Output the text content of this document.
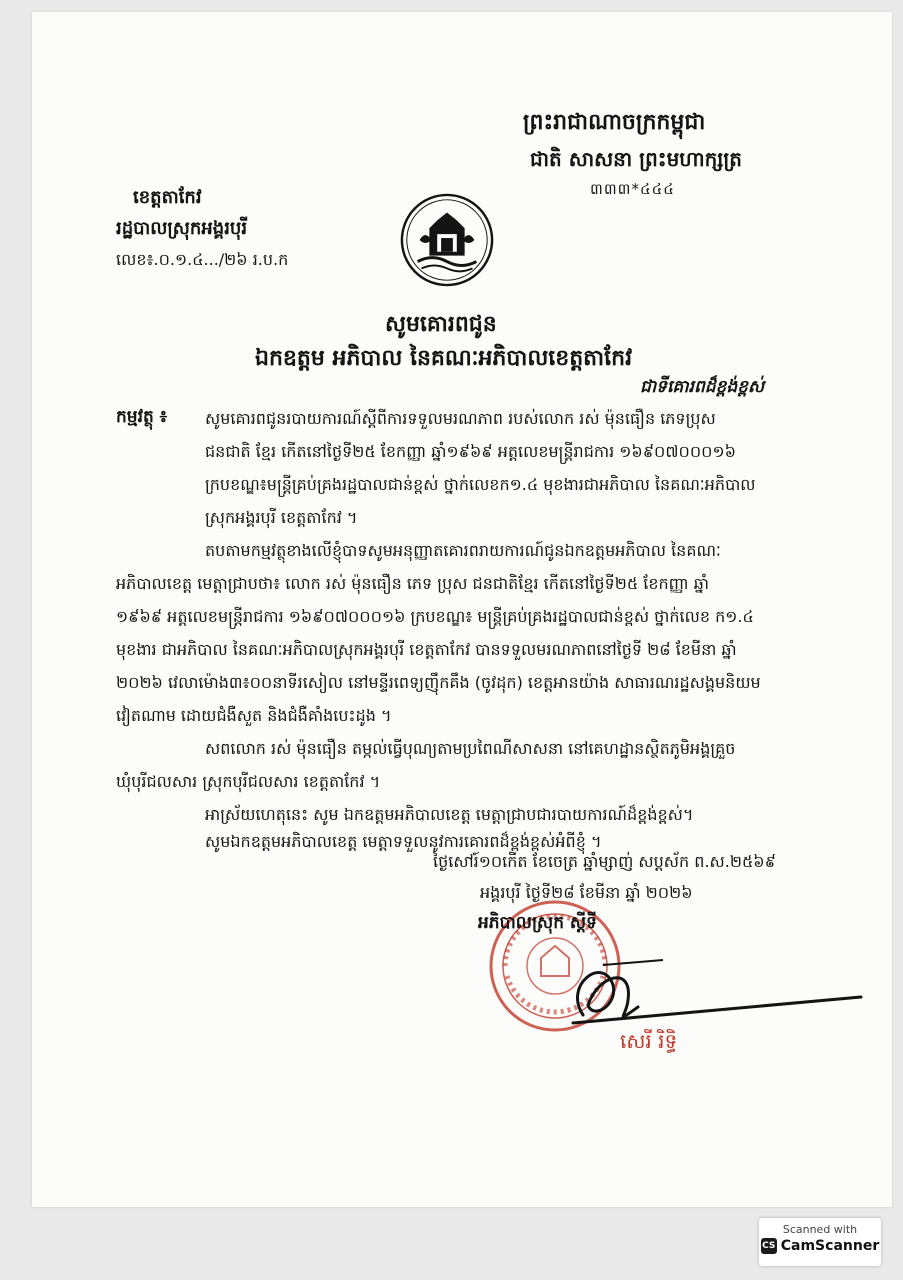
ព្រះរាជាណាចក្រកម្ពុជា
ជាតិ សាសនា ព្រះមហាក្សត្រ
៣៣៣*៤៤៤
ខេត្តតាកែវ
រដ្ឋបាលស្រុកអង្គរបុរី
លេខ៖.០.១.៤.../២៦ រ.ប.ក
សូមគោរពជូន
ឯកឧត្តម អភិបាល នៃគណៈអភិបាលខេត្តតាកែវ
ជាទីគោរពដ៏ខ្ពង់ខ្ពស់
កម្មវត្ថុ ៖ សូមគោរពជូនរបាយការណ៍ស្តីពីការទទួលមរណភាព របស់លោក រស់ ម៉ុនធឿន ភេទប្រុស
ជនជាតិ ខ្មែរ កើតនៅថ្ងៃទី២៥ ខែកញ្ញា ឆ្នាំ១៩៦៩ អត្តលេខមន្ត្រីរាជការ ១៦៩០៧០០០១៦
ក្របខណ្ឌ៖មន្ត្រីគ្រប់គ្រងរដ្ឋបាលជាន់ខ្ពស់ ថ្នាក់លេខក១.៤ មុខងារជាអភិបាល នៃគណៈអភិបាល
ស្រុកអង្គរបុរី ខេត្តតាកែវ ។
តបតាមកម្មវត្ថុខាងលើខ្ញុំបាទសូមអនុញ្ញាតគោរពរាយការណ៍ជូនឯកឧត្តមអភិបាល នៃគណៈ
អភិបាលខេត្ត មេត្តាជ្រាបថា៖ លោក រស់ ម៉ុនធឿន ភេទ ប្រុស ជនជាតិខ្មែរ កើតនៅថ្ងៃទី២៥ ខែកញ្ញា ឆ្នាំ
១៩៦៩ អត្តលេខមន្ត្រីរាជការ ១៦៩០៧០០០១៦ ក្របខណ្ឌ៖ មន្ត្រីគ្រប់គ្រងរដ្ឋបាលជាន់ខ្ពស់ ថ្នាក់លេខ ក១.៤
មុខងារ ជាអភិបាល នៃគណៈអភិបាលស្រុកអង្គរបុរី ខេត្តតាកែវ បានទទួលមរណភាពនៅថ្ងៃទី ២៨ ខែមីនា ឆ្នាំ
២០២៦ វេលាម៉ោង៣៖០០នាទីរសៀល នៅមន្ទីរពេទ្យញ៉ឹកគឹង (ចូវដុក) ខេត្តអានយ៉ាង សាធារណរដ្ឋសង្គមនិយម
វៀតណាម ដោយជំងឺសួត និងជំងឺគាំងបេះដូង ។
សពលោក រស់ ម៉ុនធឿន តម្កល់ធ្វើបុណ្យតាមប្រពៃណីសាសនា នៅគេហដ្ឋានស្ថិតភូមិអង្គគ្រួច
ឃុំបុរីជលសារ ស្រុកបុរីជលសារ ខេត្តតាកែវ ។
អាស្រ័យហេតុនេះ សូម ឯកឧត្តមអភិបាលខេត្ត មេត្តាជ្រាបជារបាយការណ៍ដ៏ខ្ពង់ខ្ពស់។
សូមឯកឧត្តមអភិបាលខេត្ត មេត្តាទទួលនូវការគោរពដ៏ខ្ពង់ខ្ពស់អំពីខ្ញុំ ។
ថ្ងៃសៅរ៍១០កើត ខែចេត្រ ឆ្នាំម្សាញ់ សប្តស័ក ព.ស.២៥៦៩
អង្គរបុរី ថ្ងៃទី២៨ ខែមីនា ឆ្នាំ ២០២៦
អភិបាលស្រុក ស្តីទី
សេរី រិទ្ធិ
Scanned with
CS CamScanner
